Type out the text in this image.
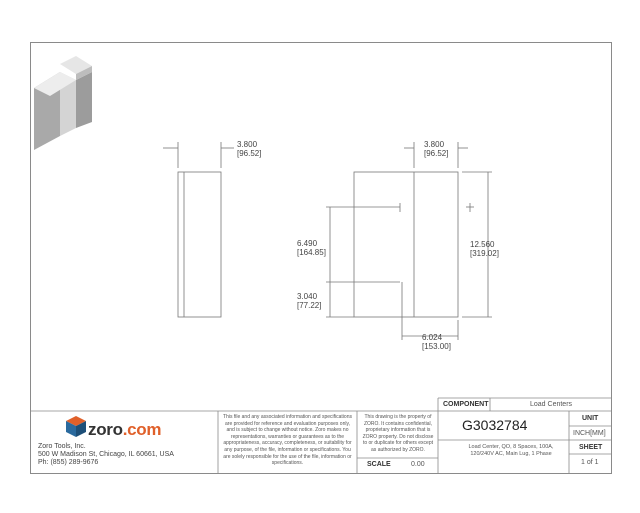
3.800
[96.52]
3.800
[96.52]
6.490
[164.85]
3.040
[77.22]
12.560
[319.02]
6.024
[153.00]
zoro.com
Zoro Tools, Inc.
500 W Madison St, Chicago, IL 60661, USA
Ph: (855) 289-9676
This file and any associated information and specifications are provided for reference and evaluation purposes only, and is subject to change without notice. Zoro makes no representations, warranties or guarantees as to the appropriateness, accuracy, completeness, or suitability for any purpose, of the file, information or specifications. You are solely responsible for the use of the file, information or specifications.
This drawing is the property of ZORO. It contains confidential, proprietary information that is ZORO property. Do not disclose to or duplicate for others except as authorized by ZORO.
SCALE	0.00
COMPONENT	Load Centers
G3032784
Load Center, QO, 8 Spaces, 100A, 120/240V AC, Main Lug, 1 Phase
UNIT
INCH[MM]
SHEET
1 of 1
